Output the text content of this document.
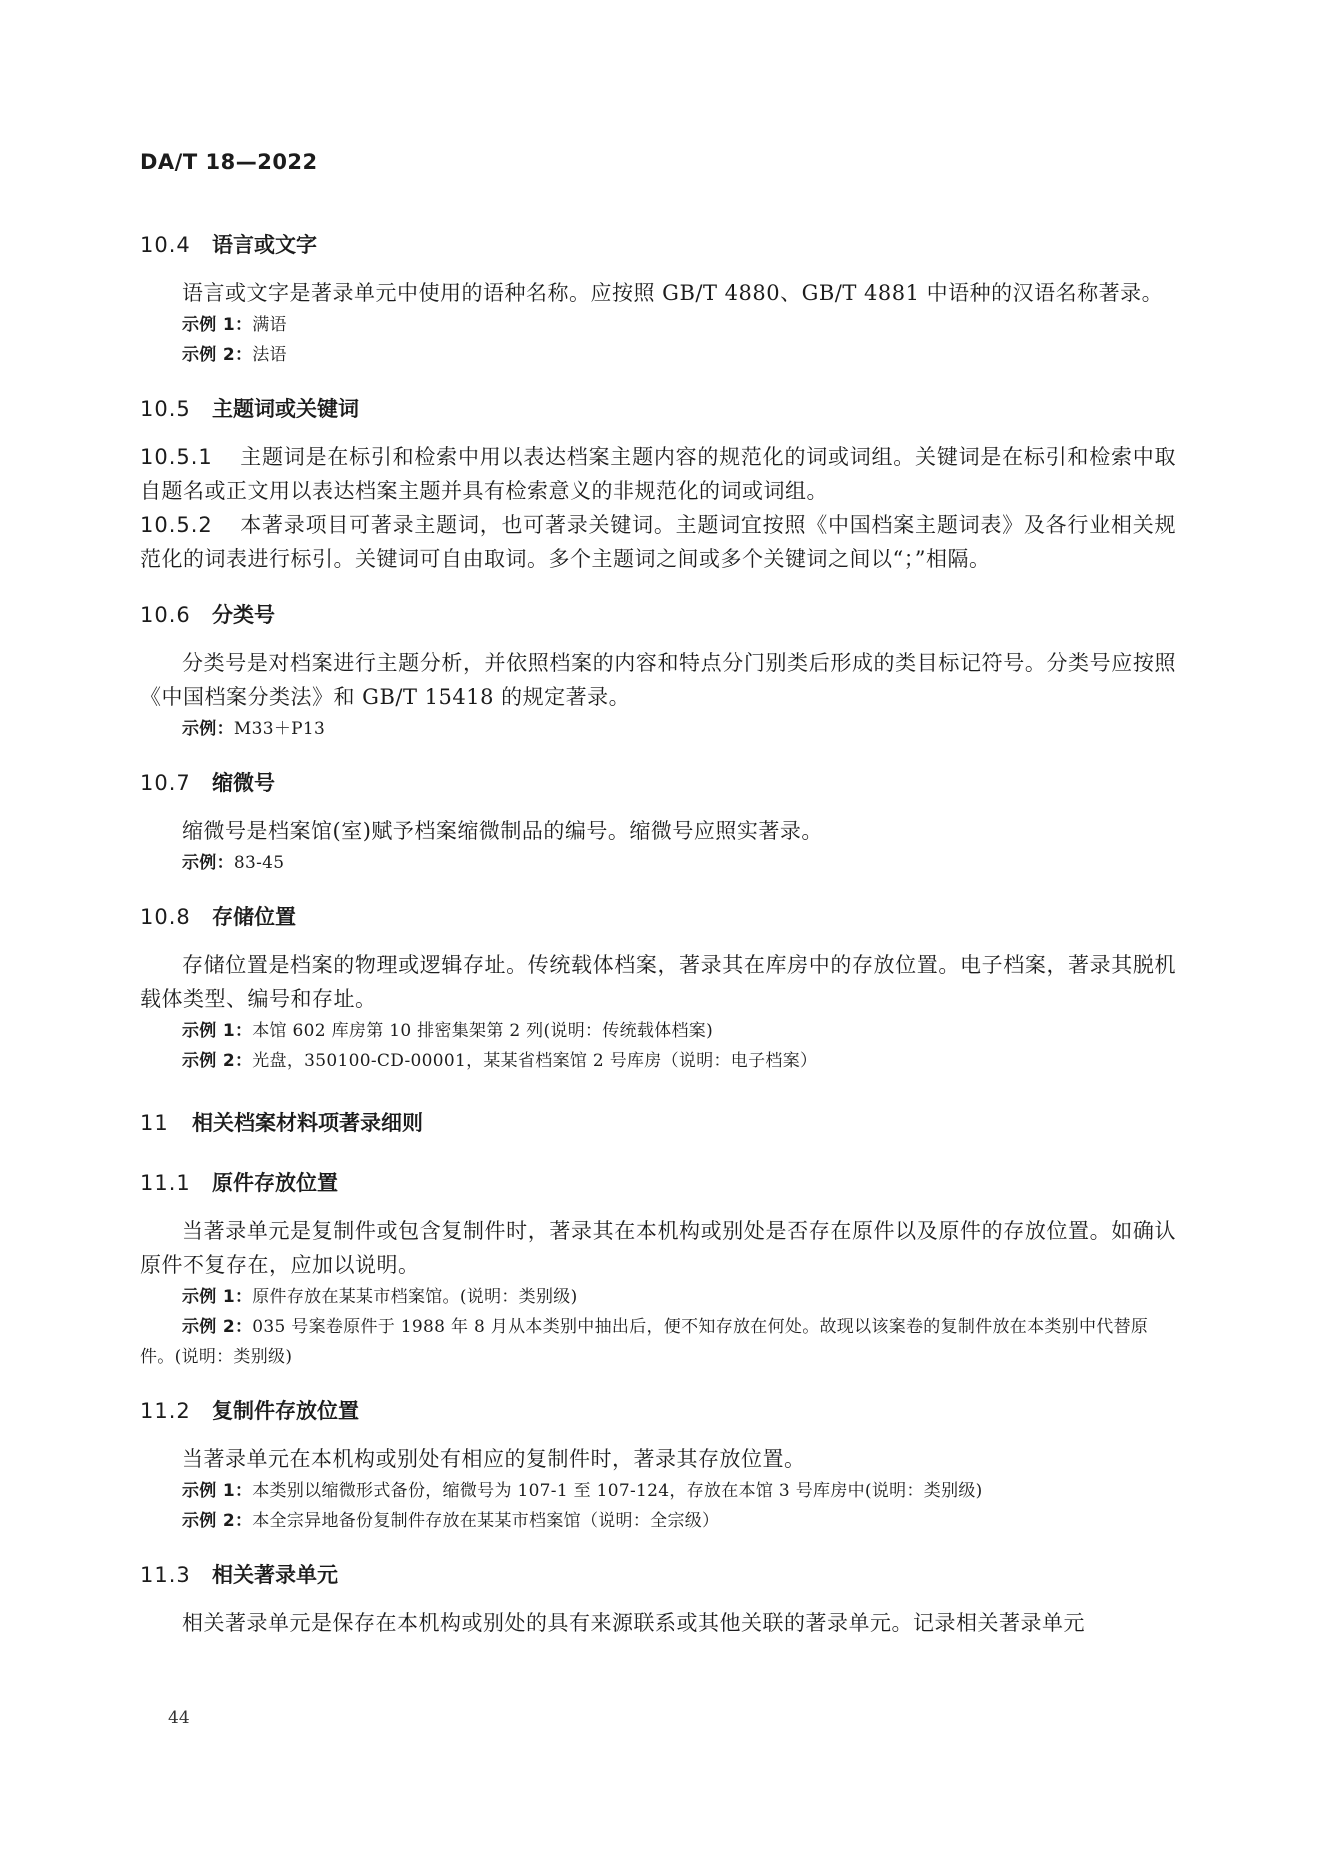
DA/T 18—2022
10.4 语言或文字

语言或文字是著录单元中使用的语种名称。应按照 GB/T 4880、GB/T 4881 中语种的汉语名称著录。

示例 1：满语

示例 2：法语

10.5 主题词或关键词

10.5.1 主题词是在标引和检索中用以表达档案主题内容的规范化的词或词组。关键词是在标引和检索中取自题名或正文用以表达档案主题并具有检索意义的非规范化的词或词组。

10.5.2 本著录项目可著录主题词，也可著录关键词。主题词宜按照《中国档案主题词表》及各行业相关规范化的词表进行标引。关键词可自由取词。多个主题词之间或多个关键词之间以“；”相隔。

10.6 分类号

分类号是对档案进行主题分析，并依照档案的内容和特点分门别类后形成的类目标记符号。分类号应按照《中国档案分类法》和 GB/T 15418 的规定著录。

示例：M33＋P13

10.7 缩微号

缩微号是档案馆(室)赋予档案缩微制品的编号。缩微号应照实著录。

示例：83-45

10.8 存储位置

存储位置是档案的物理或逻辑存址。传统载体档案，著录其在库房中的存放位置。电子档案，著录其脱机载体类型、编号和存址。

示例 1：本馆 602 库房第 10 排密集架第 2 列(说明：传统载体档案)

示例 2：光盘，350100-CD-00001，某某省档案馆 2 号库房（说明：电子档案）

11 相关档案材料项著录细则
11.1 原件存放位置

当著录单元是复制件或包含复制件时，著录其在本机构或别处是否存在原件以及原件的存放位置。如确认原件不复存在，应加以说明。

示例 1：原件存放在某某市档案馆。(说明：类别级)

示例 2：035 号案卷原件于 1988 年 8 月从本类别中抽出后，便不知存放在何处。故现以该案卷的复制件放在本类别中代替原件。(说明：类别级)

11.2 复制件存放位置

当著录单元在本机构或别处有相应的复制件时，著录其存放位置。

示例 1：本类别以缩微形式备份，缩微号为 107-1 至 107-124，存放在本馆 3 号库房中(说明：类别级)

示例 2：本全宗异地备份复制件存放在某某市档案馆（说明：全宗级）

11.3 相关著录单元

相关著录单元是保存在本机构或别处的具有来源联系或其他关联的著录单元。记录相关著录单元

44
